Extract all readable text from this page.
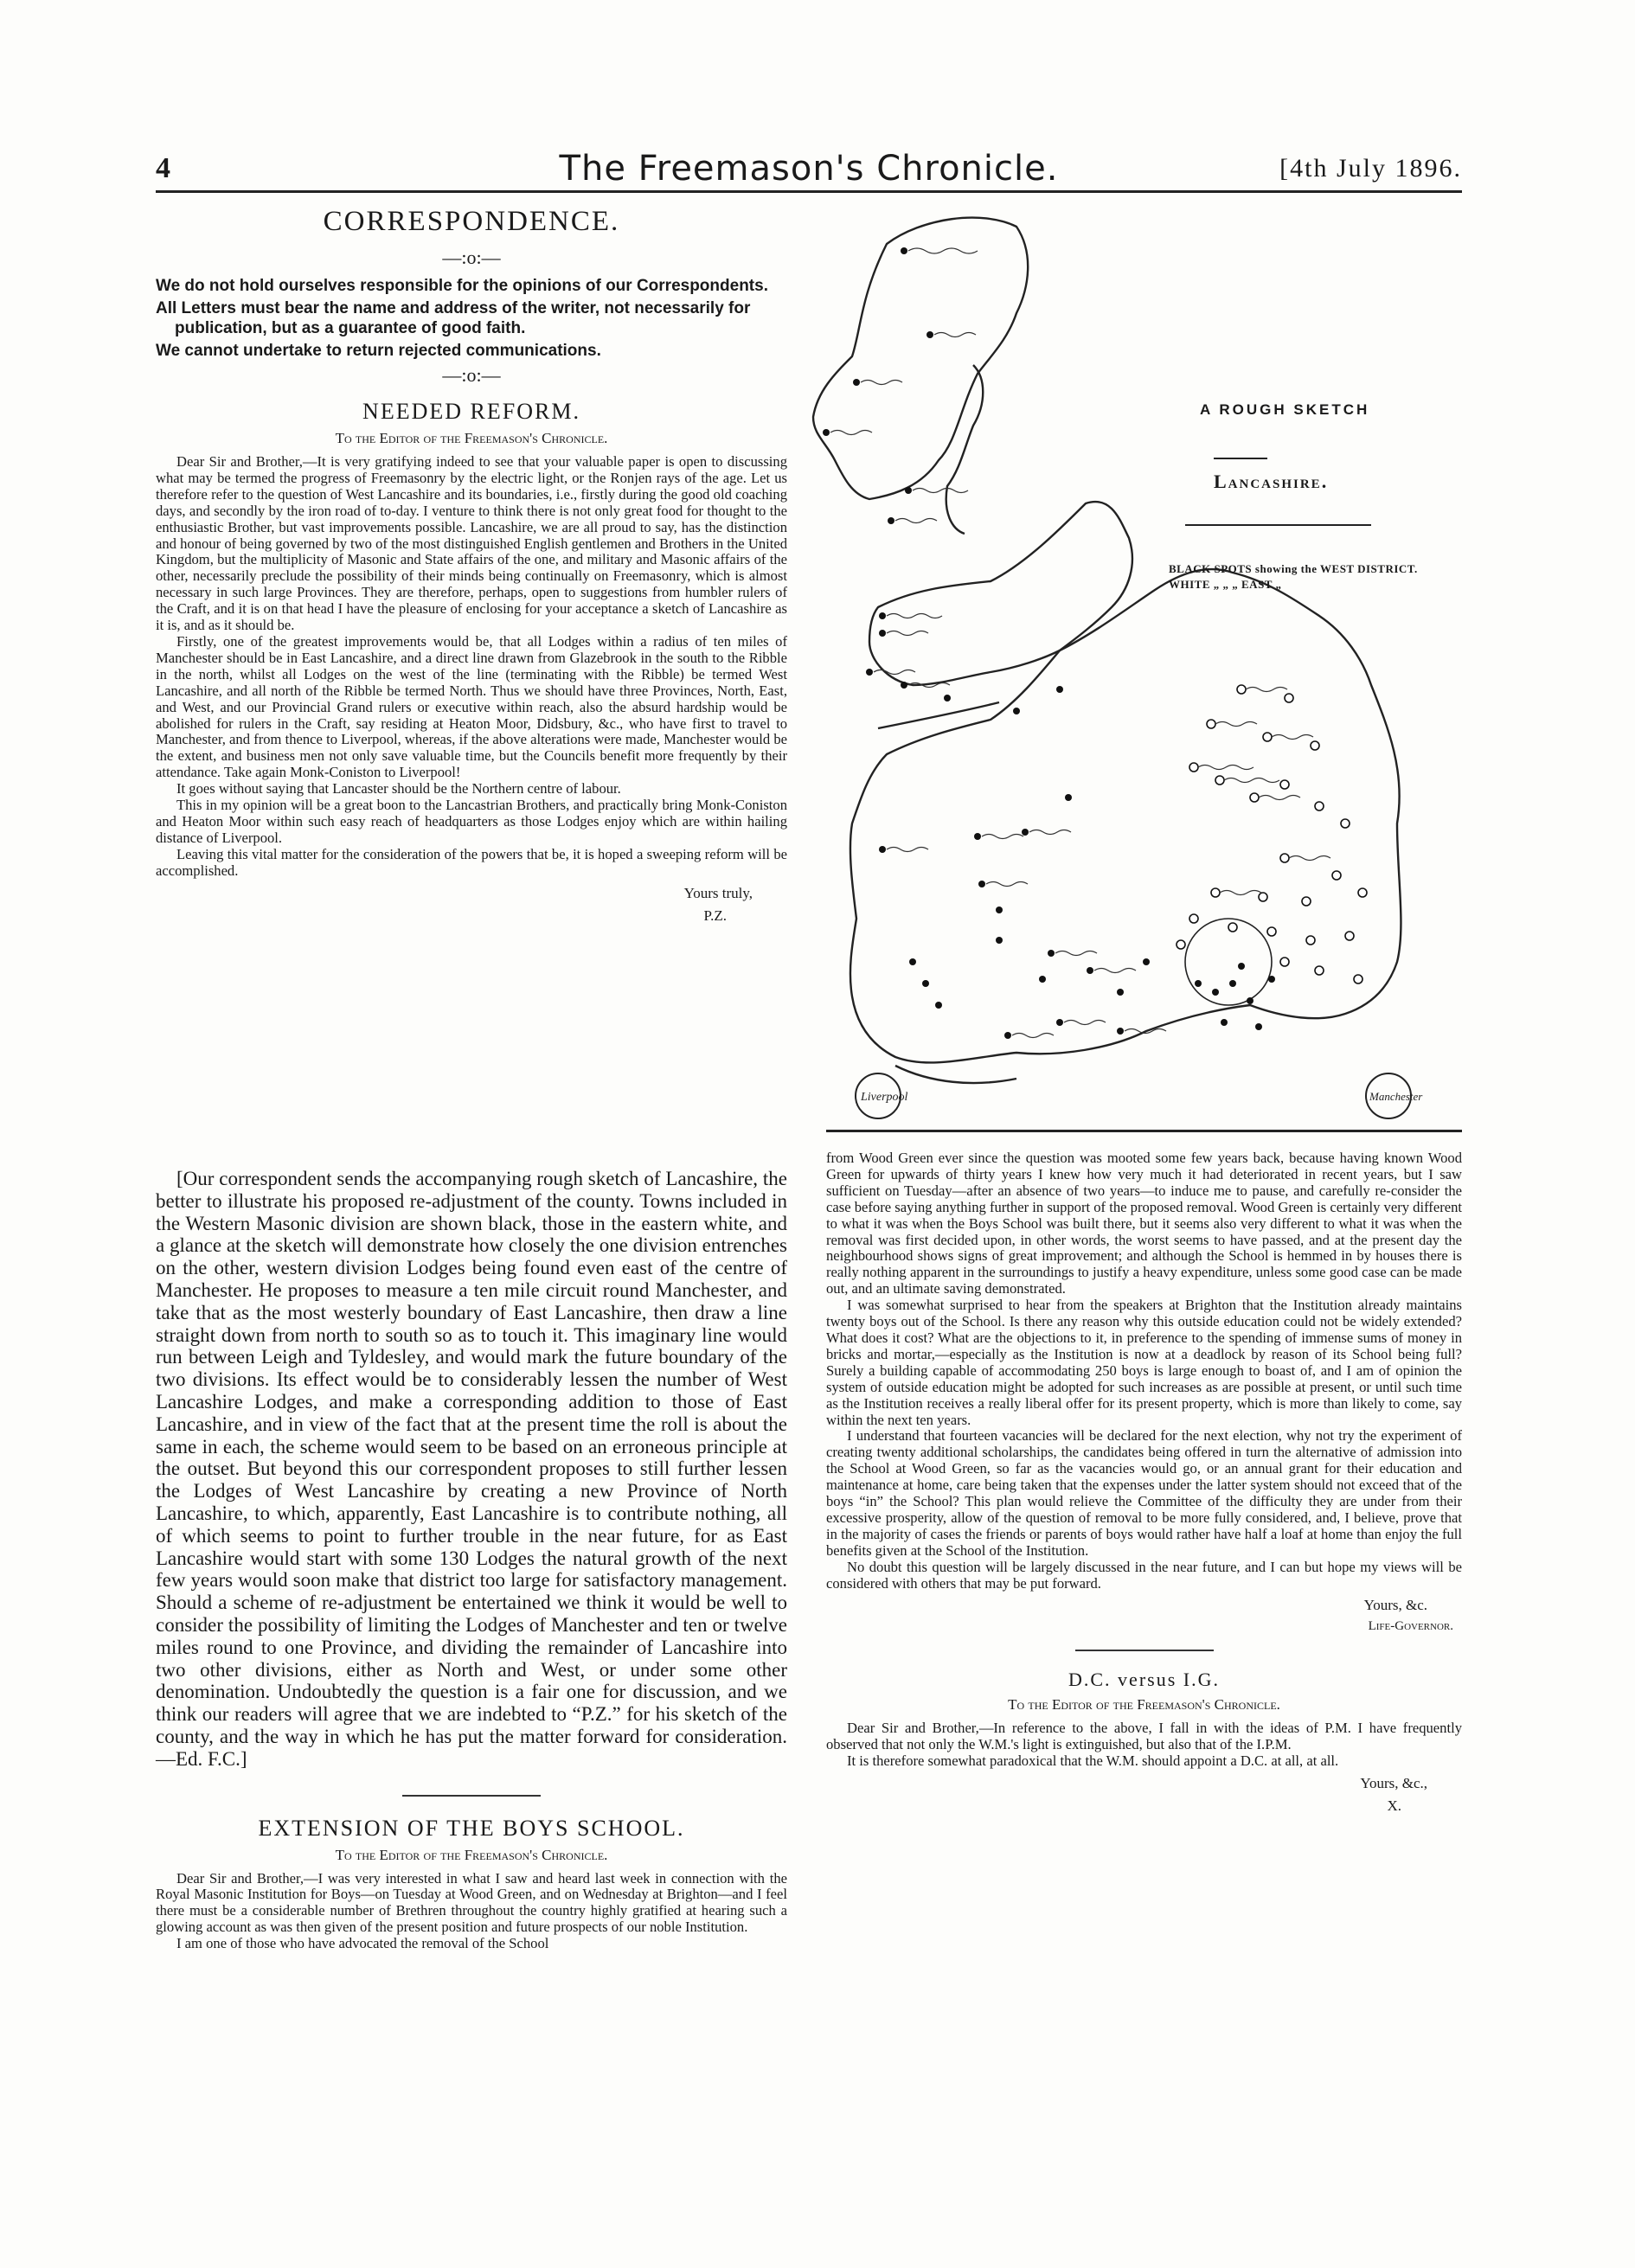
4	The Freemason's Chronicle.	[4th July 1896.
CORRESPONDENCE.
—:o:—

We do not hold ourselves responsible for the opinions of our Correspondents.

All Letters must bear the name and address of the writer, not necessarily for publication, but as a guarantee of good faith.

We cannot undertake to return rejected communications.

—:o:—
NEEDED REFORM.
To the Editor of the Freemason's Chronicle.

Dear Sir and Brother,—It is very gratifying indeed to see that your valuable paper is open to discussing what may be termed the progress of Freemasonry by the electric light, or the Ronjen rays of the age. Let us therefore refer to the question of West Lancashire and its boundaries, i.e., firstly during the good old coaching days, and secondly by the iron road of to-day. I venture to think there is not only great food for thought to the enthusiastic Brother, but vast improvements possible. Lancashire, we are all proud to say, has the distinction and honour of being governed by two of the most distinguished English gentlemen and Brothers in the United Kingdom, but the multiplicity of Masonic and State affairs of the one, and military and Masonic affairs of the other, necessarily preclude the possibility of their minds being continually on Freemasonry, which is almost necessary in such large Provinces. They are therefore, perhaps, open to suggestions from humbler rulers of the Craft, and it is on that head I have the pleasure of enclosing for your acceptance a sketch of Lancashire as it is, and as it should be.

Firstly, one of the greatest improvements would be, that all Lodges within a radius of ten miles of Manchester should be in East Lancashire, and a direct line drawn from Glazebrook in the south to the Ribble in the north, whilst all Lodges on the west of the line (terminating with the Ribble) be termed West Lancashire, and all north of the Ribble be termed North. Thus we should have three Provinces, North, East, and West, and our Provincial Grand rulers or executive within reach, also the absurd hardship would be abolished for rulers in the Craft, say residing at Heaton Moor, Didsbury, &c., who have first to travel to Manchester, and from thence to Liverpool, whereas, if the above alterations were made, Manchester would be the extent, and business men not only save valuable time, but the Councils benefit more frequently by their attendance. Take again Monk-Coniston to Liverpool!

It goes without saying that Lancaster should be the Northern centre of labour.

This in my opinion will be a great boon to the Lancastrian Brothers, and practically bring Monk-Coniston and Heaton Moor within such easy reach of headquarters as those Lodges enjoy which are within hailing distance of Liverpool.

Leaving this vital matter for the consideration of the powers that be, it is hoped a sweeping reform will be accomplished.

Yours truly,
P.Z.

[Our correspondent sends the accompanying rough sketch of Lancashire, the better to illustrate his proposed re-adjustment of the county. Towns included in the Western Masonic division are shown black, those in the eastern white, and a glance at the sketch will demonstrate how closely the one division entrenches on the other, western division Lodges being found even east of the centre of Manchester. He proposes to measure a ten mile circuit round Manchester, and take that as the most westerly boundary of East Lancashire, then draw a line straight down from north to south so as to touch it. This imaginary line would run between Leigh and Tyldesley, and would mark the future boundary of the two divisions. Its effect would be to considerably lessen the number of West Lancashire Lodges, and make a corresponding addition to those of East Lancashire, and in view of the fact that at the present time the roll is about the same in each, the scheme would seem to be based on an erroneous principle at the outset. But beyond this our correspondent proposes to still further lessen the Lodges of West Lancashire by creating a new Province of North Lancashire, to which, apparently, East Lancashire is to contribute nothing, all of which seems to point to further trouble in the near future, for as East Lancashire would start with some 130 Lodges the natural growth of the next few years would soon make that district too large for satisfactory management. Should a scheme of re-adjustment be entertained we think it would be well to consider the possibility of limiting the Lodges of Manchester and ten or twelve miles round to one Province, and dividing the remainder of Lancashire into two other divisions, either as North and West, or under some other denomination. Undoubtedly the question is a fair one for discussion, and we think our readers will agree that we are indebted to “P.Z.” for his sketch of the county, and the way in which he has put the matter forward for consideration.—Ed. F.C.]

EXTENSION OF THE BOYS SCHOOL.
To the Editor of the Freemason's Chronicle.

Dear Sir and Brother,—I was very interested in what I saw and heard last week in connection with the Royal Masonic Institution for Boys—on Tuesday at Wood Green, and on Wednesday at Brighton—and I feel there must be a considerable number of Brethren throughout the country highly gratified at hearing such a glowing account as was then given of the present position and future prospects of our noble Institution.

I am one of those who have advocated the removal of the School

Liverpool	Manchester
A ROUGH SKETCH
Lancashire.
BLACK SPOTS showing the WEST DISTRICT.
WHITE „ „ „ EAST „

from Wood Green ever since the question was mooted some few years back, because having known Wood Green for upwards of thirty years I knew how very much it had deteriorated in recent years, but I saw sufficient on Tuesday—after an absence of two years—to induce me to pause, and carefully re-consider the case before saying anything further in support of the proposed removal. Wood Green is certainly very different to what it was when the Boys School was built there, but it seems also very different to what it was when the removal was first decided upon, in other words, the worst seems to have passed, and at the present day the neighbourhood shows signs of great improvement; and although the School is hemmed in by houses there is really nothing apparent in the surroundings to justify a heavy expenditure, unless some good case can be made out, and an ultimate saving demonstrated.

I was somewhat surprised to hear from the speakers at Brighton that the Institution already maintains twenty boys out of the School. Is there any reason why this outside education could not be widely extended? What does it cost? What are the objections to it, in preference to the spending of immense sums of money in bricks and mortar,—especially as the Institution is now at a deadlock by reason of its School being full? Surely a building capable of accommodating 250 boys is large enough to boast of, and I am of opinion the system of outside education might be adopted for such increases as are possible at present, or until such time as the Institution receives a really liberal offer for its present property, which is more than likely to come, say within the next ten years.

I understand that fourteen vacancies will be declared for the next election, why not try the experiment of creating twenty additional scholarships, the candidates being offered in turn the alternative of admission into the School at Wood Green, so far as the vacancies would go, or an annual grant for their education and maintenance at home, care being taken that the expenses under the latter system should not exceed that of the boys “in” the School? This plan would relieve the Committee of the difficulty they are under from their excessive prosperity, allow of the question of removal to be more fully considered, and, I believe, prove that in the majority of cases the friends or parents of boys would rather have half a loaf at home than enjoy the full benefits given at the School of the Institution.

No doubt this question will be largely discussed in the near future, and I can but hope my views will be considered with others that may be put forward.

Yours, &c.
Life-Governor.
D.C. versus I.G.
To the Editor of the Freemason's Chronicle.

Dear Sir and Brother,—In reference to the above, I fall in with the ideas of P.M. I have frequently observed that not only the W.M.'s light is extinguished, but also that of the I.P.M.

It is therefore somewhat paradoxical that the W.M. should appoint a D.C. at all, at all.

Yours, &c.,
X.
